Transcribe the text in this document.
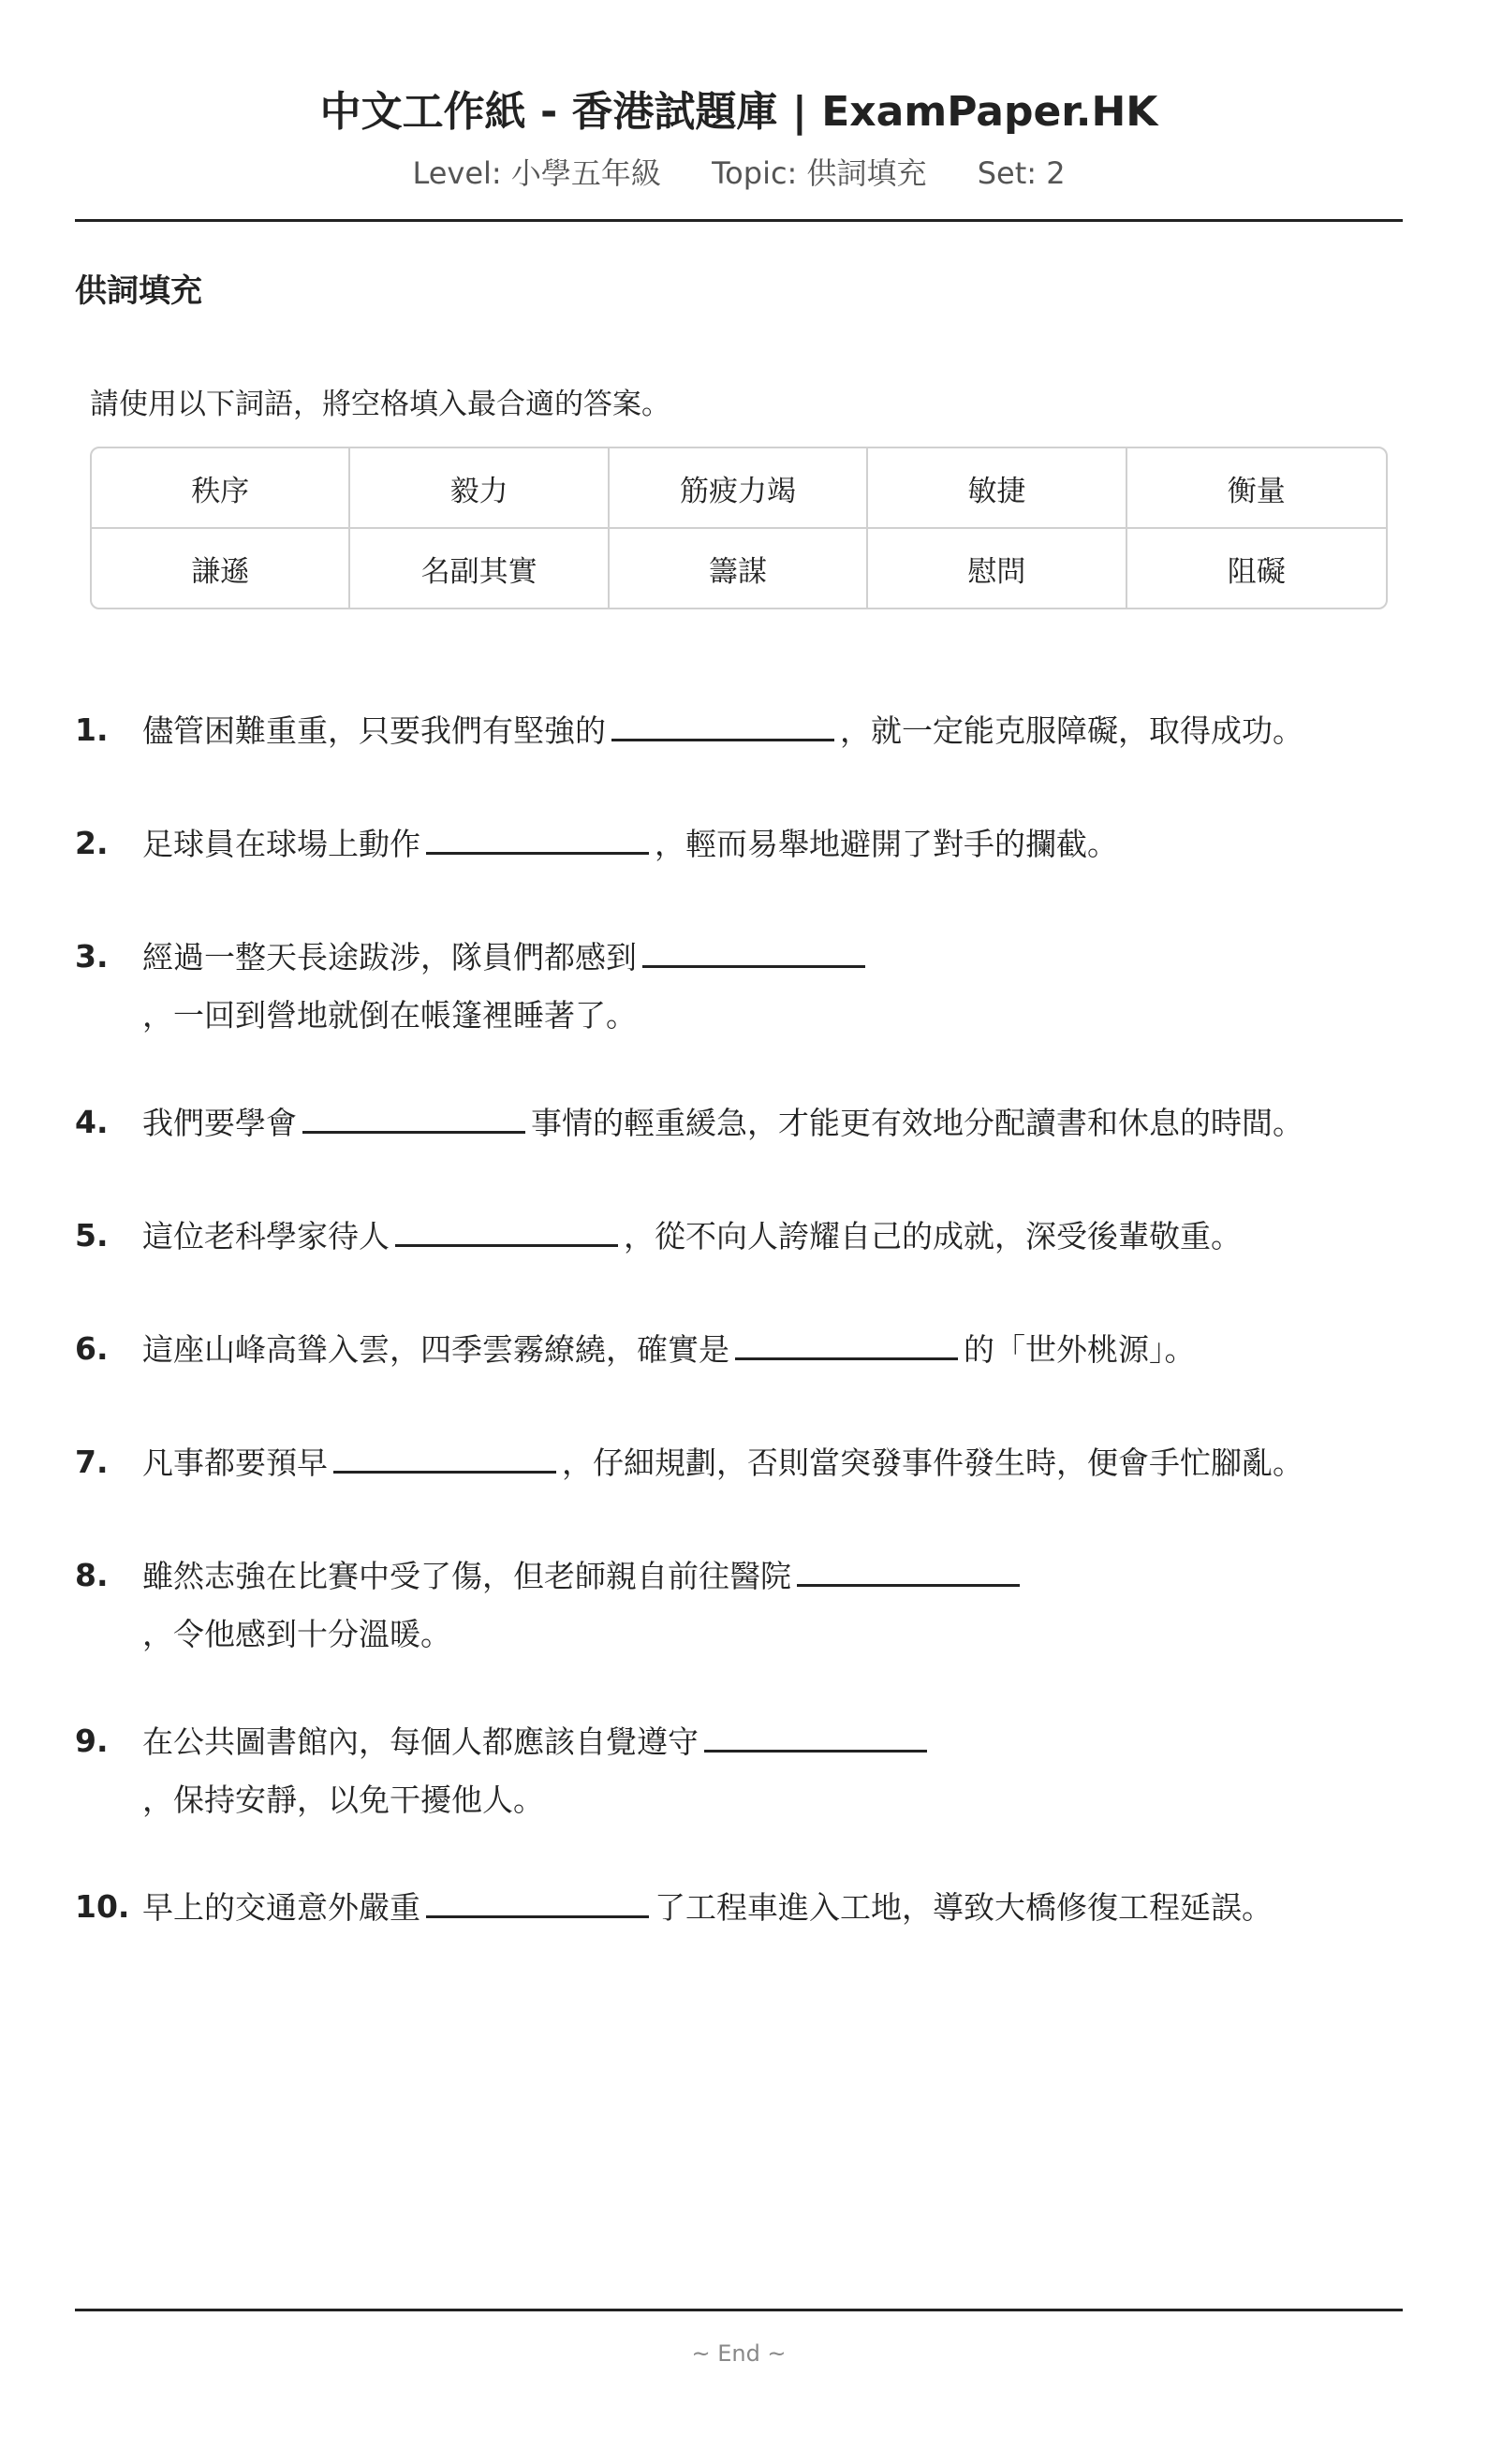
中文工作紙 - 香港試題庫 | ExamPaper.HK
Level: 小學五年級 Topic: 供詞填充 Set: 2
供詞填充
請使用以下詞語，將空格填入最合適的答案。
秩序	毅力	筋疲力竭	敏捷	衡量
謙遜	名副其實	籌謀	慰問	阻礙
1.	儘管困難重重，只要我們有堅強的	，就一定能克服障礙，取得成功。
2.	足球員在球場上動作	，輕而易舉地避開了對手的攔截。
3.	經過一整天長途跋涉，隊員們都感到
，一回到營地就倒在帳篷裡睡著了。
4.	我們要學會	事情的輕重緩急，才能更有效地分配讀書和休息的時間。
5.	這位老科學家待人	，從不向人誇耀自己的成就，深受後輩敬重。
6.	這座山峰高聳入雲，四季雲霧繚繞，確實是	的「世外桃源」。
7.	凡事都要預早	，仔細規劃，否則當突發事件發生時，便會手忙腳亂。
8.	雖然志強在比賽中受了傷，但老師親自前往醫院
，令他感到十分溫暖。
9.	在公共圖書館內，每個人都應該自覺遵守
，保持安靜，以免干擾他人。
10. 早上的交通意外嚴重	了工程車進入工地，導致大橋修復工程延誤。
~ End ~
